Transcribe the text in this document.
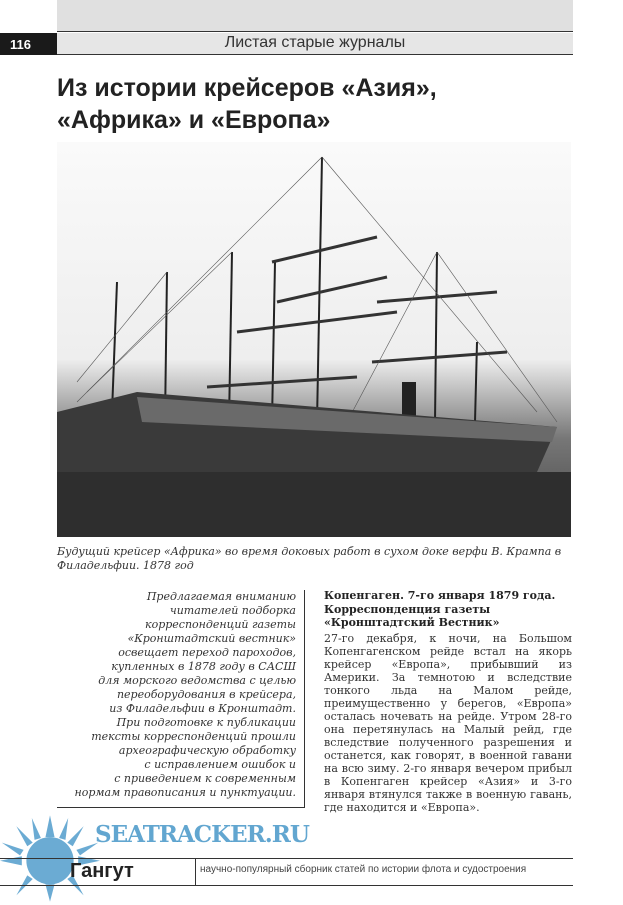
116	Листая старые журналы
Из истории крейсеров «Азия»,
«Африка» и «Европа»
Будущий крейсер «Африка» во время доковых работ в сухом доке верфи В. Крампа в Филадельфии. 1878 год

Предлагаемая вниманию
читателей подборка
корреспонденций газеты
«Кронштадтский вестник»
освещает переход пароходов,
купленных в 1878 году в САСШ
для морского ведомства с целью
переоборудования в крейсера,
из Филадельфии в Кронштадт.
При подготовке к публикации
тексты корреспонденций прошли
археографическую обработку
с исправлением ошибок и
с приведением к современным
нормам правописания и пунктуации.

Копенгаген. 7-го января 1879 года. Корреспонденция газеты «Кронштадтский Вестник»

27-го декабря, к ночи, на Большом Копенгагенском рейде встал на якорь крейсер «Европа», прибывший из Америки. За темнотою и вследствие тонкого льда на Малом рейде, преимущественно у берегов, «Европа» осталась ночевать на рейде. Утром 28-го она перетянулась на Малый рейд, где вследствие полученного разрешения и останется, как говорят, в военной гавани на всю зиму. 2-го января вечером прибыл в Копенгаген крейсер «Азия» и 3-го января втянулся также в военную гавань, где находится и «Европа».

SEATRACKER.RU
Гангут	научно-популярный сборник статей по истории флота и судостроения
